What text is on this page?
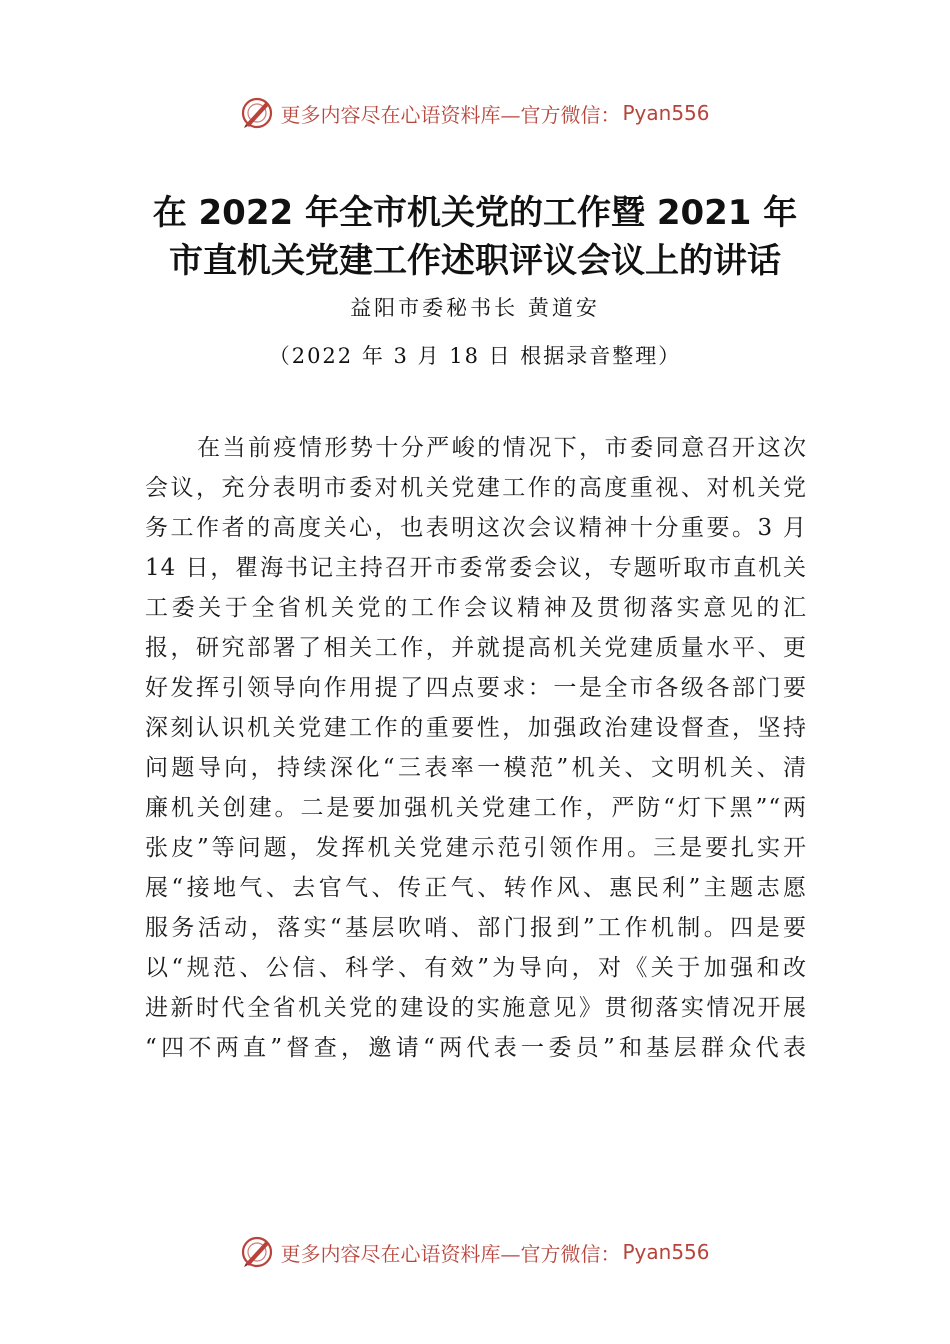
更多内容尽在心语资料库—官方微信： Pyan556
在 2022 年全市机关党的工作暨 2021 年
市直机关党建工作述职评议会议上的讲话
益阳市委秘书长 黄道安
（2022 年 3 月 18 日 根据录音整理）
在当前疫情形势十分严峻的情况下，市委同意召开这次
会议，充分表明市委对机关党建工作的高度重视、对机关党
务工作者的高度关心，也表明这次会议精神十分重要。3 月
14 日，瞿海书记主持召开市委常委会议，专题听取市直机关
工委关于全省机关党的工作会议精神及贯彻落实意见的汇
报，研究部署了相关工作，并就提高机关党建质量水平、更
好发挥引领导向作用提了四点要求：一是全市各级各部门要
深刻认识机关党建工作的重要性，加强政治建设督查，坚持
问题导向，持续深化“三表率一模范”机关、文明机关、清
廉机关创建。二是要加强机关党建工作，严防“灯下黑”“两
张皮”等问题，发挥机关党建示范引领作用。三是要扎实开
展“接地气、去官气、传正气、转作风、惠民利”主题志愿
服务活动，落实“基层吹哨、部门报到”工作机制。四是要
以“规范、公信、科学、有效”为导向，对《关于加强和改
进新时代全省机关党的建设的实施意见》贯彻落实情况开展
“四不两直”督查，邀请“两代表一委员”和基层群众代表
更多内容尽在心语资料库—官方微信： Pyan556
